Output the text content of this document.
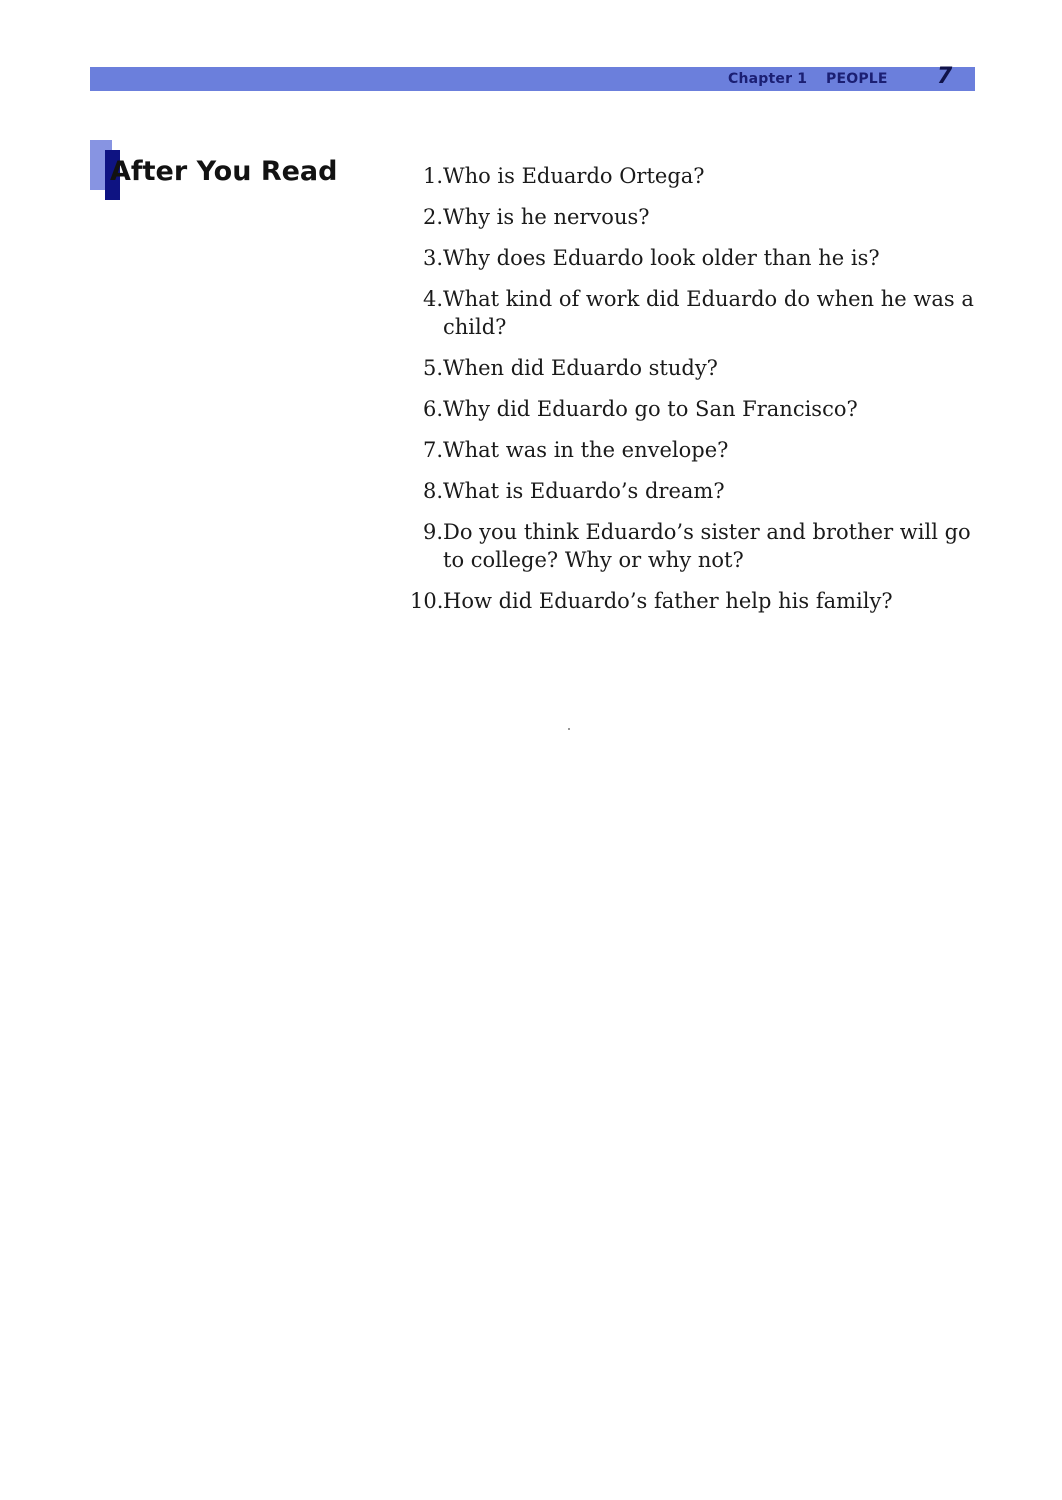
Chapter 1 PEOPLE 7
After You Read	1. Who is Eduardo Ortega?
2. Why is he nervous?
3. Why does Eduardo look older than he is?
4. What kind of work did Eduardo do when he was a child?
5. When did Eduardo study?
6. Why did Eduardo go to San Francisco?
7. What was in the envelope?
8. What is Eduardo’s dream?
9. Do you think Eduardo’s sister and brother will go to college? Why or why not?
10. How did Eduardo’s father help his family?
